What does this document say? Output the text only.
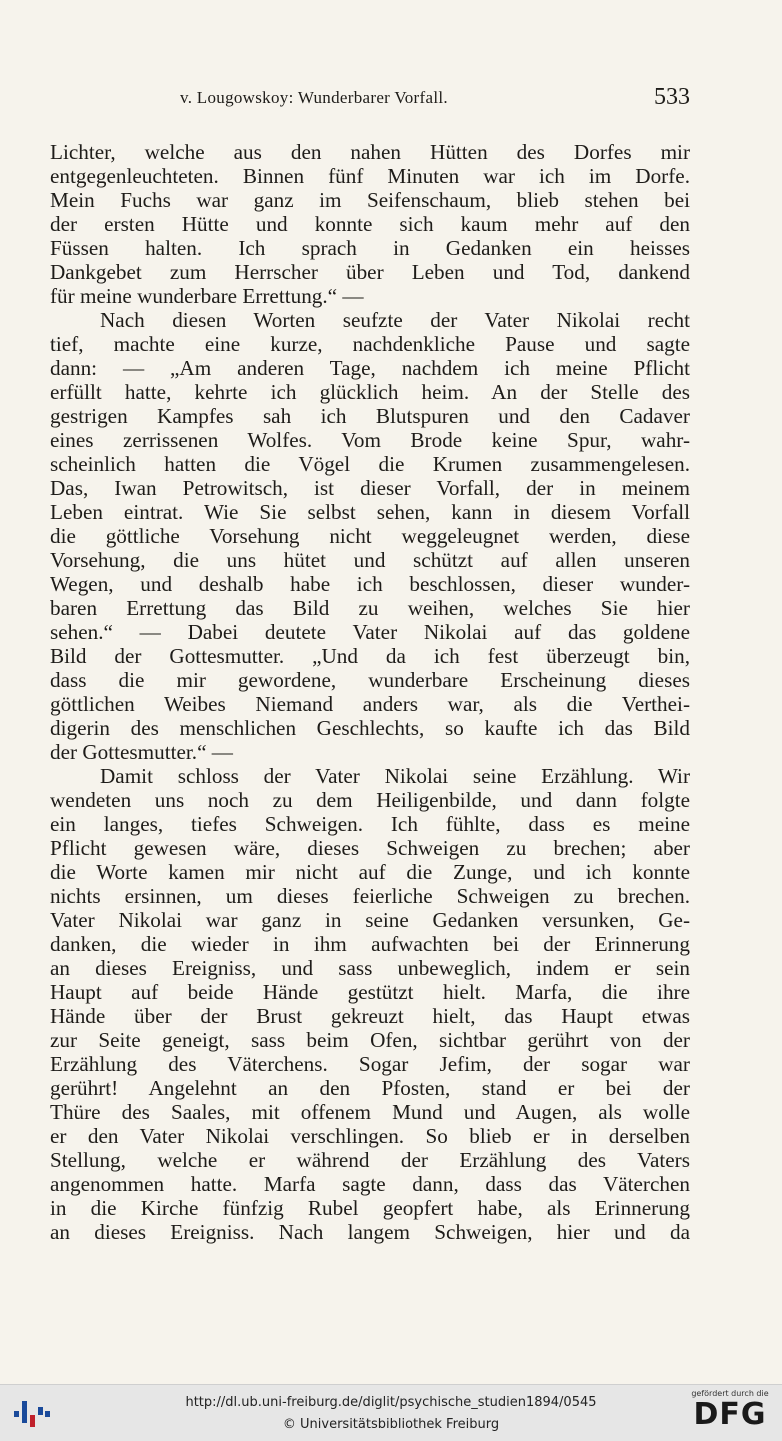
v. Lougowskoy: Wunderbarer Vorfall.	533
Lichter, welche aus den nahen Hütten des Dorfes mir
entgegenleuchteten. Binnen fünf Minuten war ich im Dorfe.
Mein Fuchs war ganz im Seifenschaum, blieb stehen bei
der ersten Hütte und konnte sich kaum mehr auf den
Füssen halten. Ich sprach in Gedanken ein heisses
Dankgebet zum Herrscher über Leben und Tod, dankend
für meine wunderbare Errettung.“ —
Nach diesen Worten seufzte der Vater Nikolai recht
tief, machte eine kurze, nachdenkliche Pause und sagte
dann: — „Am anderen Tage, nachdem ich meine Pflicht
erfüllt hatte, kehrte ich glücklich heim. An der Stelle des
gestrigen Kampfes sah ich Blutspuren und den Cadaver
eines zerrissenen Wolfes. Vom Brode keine Spur, wahr-
scheinlich hatten die Vögel die Krumen zusammengelesen.
Das, Iwan Petrowitsch, ist dieser Vorfall, der in meinem
Leben eintrat. Wie Sie selbst sehen, kann in diesem Vorfall
die göttliche Vorsehung nicht weggeleugnet werden, diese
Vorsehung, die uns hütet und schützt auf allen unseren
Wegen, und deshalb habe ich beschlossen, dieser wunder-
baren Errettung das Bild zu weihen, welches Sie hier
sehen.“ — Dabei deutete Vater Nikolai auf das goldene
Bild der Gottesmutter. „Und da ich fest überzeugt bin,
dass die mir gewordene, wunderbare Erscheinung dieses
göttlichen Weibes Niemand anders war, als die Verthei-
digerin des menschlichen Geschlechts, so kaufte ich das Bild
der Gottesmutter.“ —
Damit schloss der Vater Nikolai seine Erzählung. Wir
wendeten uns noch zu dem Heiligenbilde, und dann folgte
ein langes, tiefes Schweigen. Ich fühlte, dass es meine
Pflicht gewesen wäre, dieses Schweigen zu brechen; aber
die Worte kamen mir nicht auf die Zunge, und ich konnte
nichts ersinnen, um dieses feierliche Schweigen zu brechen.
Vater Nikolai war ganz in seine Gedanken versunken, Ge-
danken, die wieder in ihm aufwachten bei der Erinnerung
an dieses Ereigniss, und sass unbeweglich, indem er sein
Haupt auf beide Hände gestützt hielt. Marfa, die ihre
Hände über der Brust gekreuzt hielt, das Haupt etwas
zur Seite geneigt, sass beim Ofen, sichtbar gerührt von der
Erzählung des Väterchens. Sogar Jefim, der sogar war
gerührt! Angelehnt an den Pfosten, stand er bei der
Thüre des Saales, mit offenem Mund und Augen, als wolle
er den Vater Nikolai verschlingen. So blieb er in derselben
Stellung, welche er während der Erzählung des Vaters
angenommen hatte. Marfa sagte dann, dass das Väterchen
in die Kirche fünfzig Rubel geopfert habe, als Erinnerung
an dieses Ereigniss. Nach langem Schweigen, hier und da
http://dl.ub.uni-freiburg.de/diglit/psychische_studien1894/0545
© Universitätsbibliothek Freiburg
gefördert durch die
DFG
